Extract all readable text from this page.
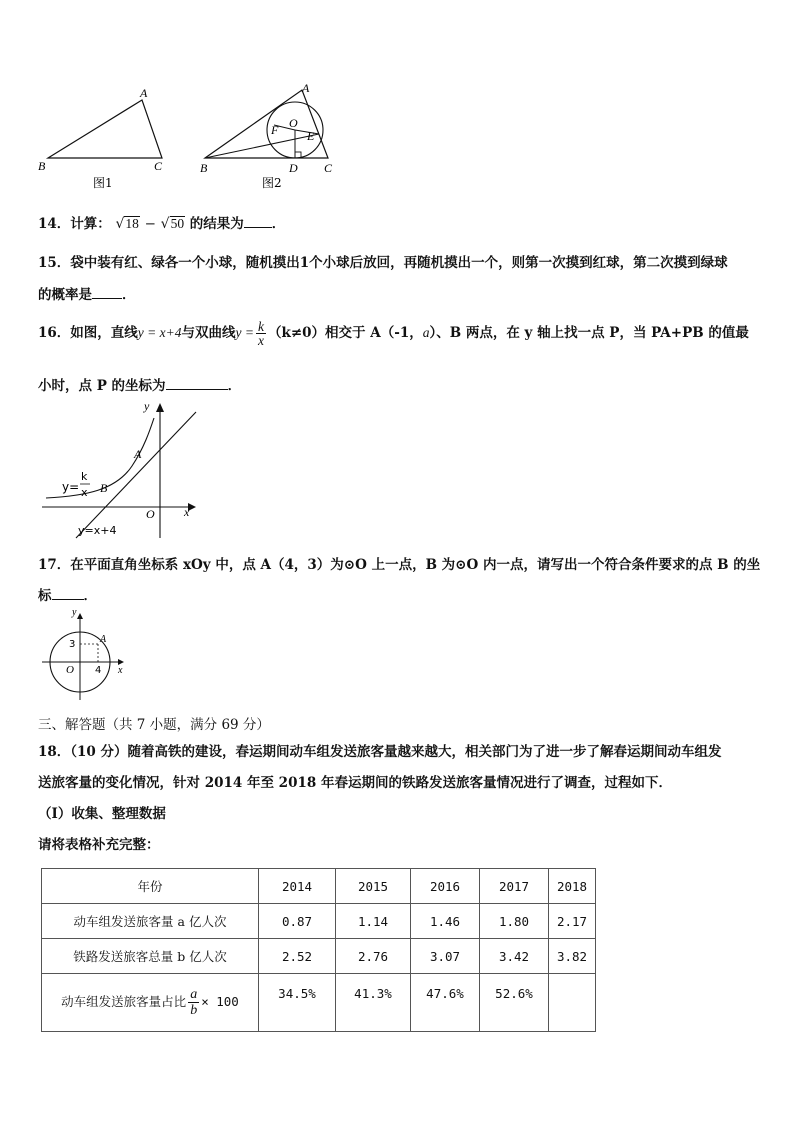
A
B	C
图1
A
B	C
D
E
F O
图2
14．计算： √18 − √50 的结果为 ．
15．袋中装有红、绿各一个小球，随机摸出1个小球后放回，再随机摸出一个，则第一次摸到红球，第二次摸到绿球
的概率是 ．
16．如图，直线y = x+4与双曲线$y = \frac{k}{x} (k\ne 0)$相交于 A（-1，a）、B 两点，在 y 轴上找一点 P，当 PA+PB 的值最
小时，点 P 的坐标为	．
y
x
O
A
B
y=
k
x
y=x+4
17．在平面直角坐标系 xOy 中，点 A（4，3）为⊙O 上一点，B 为⊙O 内一点，请写出一个符合条件要求的点 B 的坐
标 ．
y
x
O
A
3
4
三、解答题（共 7 小题，满分 69 分）
18．（10 分）随着高铁的建设，春运期间动车组发送旅客量越来越大，相关部门为了进一步了解春运期间动车组发
送旅客量的变化情况，针对 2014 年至 2018 年春运期间的铁路发送旅客量情况进行了调查，过程如下．
（Ⅰ）收集、整理数据
请将表格补充完整：
年份	2014	2015	2016	2017	2018
动车组发送旅客量 a 亿人次	0.87	1.14	1.46	1.80	2.17
铁路发送旅客总量 b 亿人次	2.52	2.76	3.07	3.42	3.82
动车组发送旅客量占比 $\frac{a}{b} \times 100$	34.5%	41.3%	47.6%	52.6%	
